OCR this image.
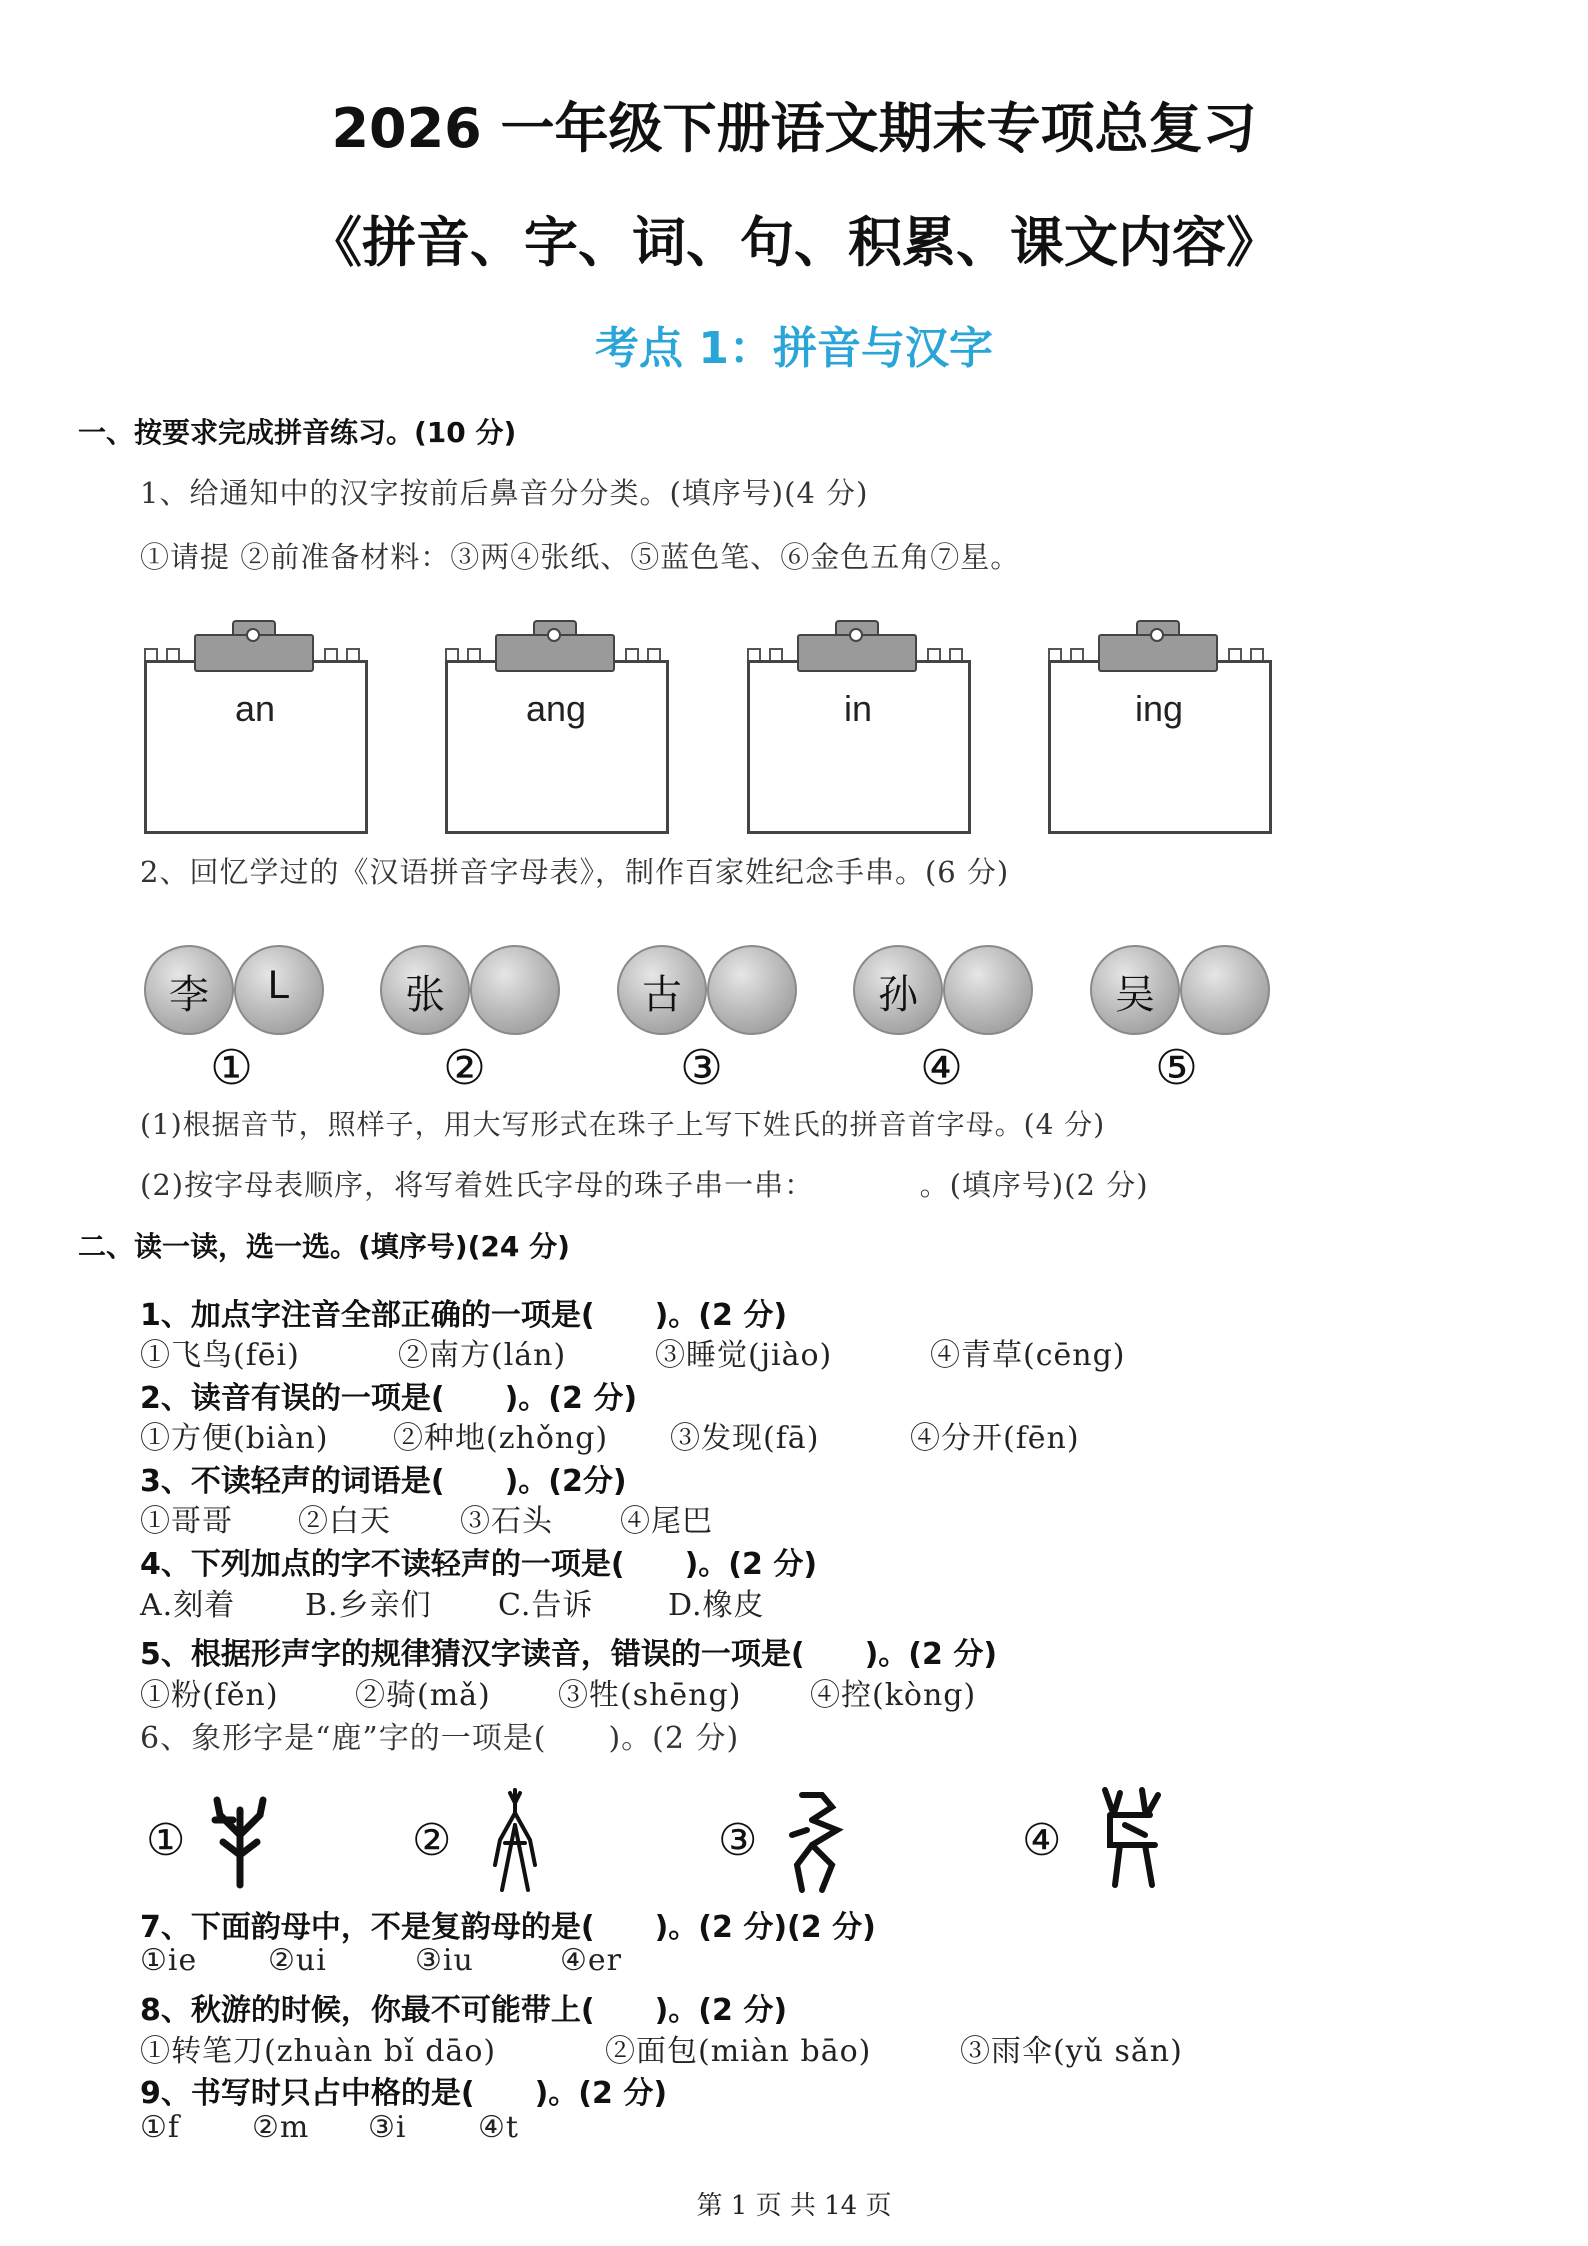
2026 一年级下册语文期末专项总复习
《拼音、字、词、句、积累、课文内容》
考点 1：拼音与汉字
一、按要求完成拼音练习。(10 分)
1、给通知中的汉字按前后鼻音分分类。(填序号)(4 分)
①请提 ②前准备材料：③两④张纸、⑤蓝色笔、⑥金色五角⑦星。
an	ang	in	ing
2、回忆学过的《汉语拼音字母表》，制作百家姓纪念手串。(6 分)
李	L	张	古	孙	吴
①	②	③	④	⑤
(1)根据音节，照样子，用大写形式在珠子上写下姓氏的拼音首字母。(4 分)
(2)按字母表顺序，将写着姓氏字母的珠子串一串：　　　　。(填序号)(2 分)
二、读一读，选一选。(填序号)(24 分)
1、加点字注音全部正确的一项是(　　)。(2 分)
①飞鸟(fēi)	②南方(lán)	③睡觉(jiào)	④青草(cēng)
2、读音有误的一项是(　　)。(2 分)
①方便(biàn) ②种地(zhǒng) ③发现(fā)	④分开(fēn)
3、不读轻声的词语是(　　)。(2分)
①哥哥 ②白天 ③石头 ④尾巴
4、下列加点的字不读轻声的一项是(　　)。(2 分)
A.刻着 B.乡亲们 C.告诉 D.橡皮
5、根据形声字的规律猜汉字读音，错误的一项是(　　)。(2 分)
①粉(fěn)	②骑(mǎ) ③牲(shēng) ④控(kòng)
6、象形字是“鹿”字的一项是(　　)。(2 分)
①	②	③	④
7、下面韵母中，不是复韵母的是(　　)。(2 分)(2 分)
①ie ②ui	③iu	④er
8、秋游的时候，你最不可能带上(　　)。(2 分)
①转笔刀(zhuàn bǐ dāo)	②面包(miàn bāo)	③雨伞(yǔ sǎn)
9、书写时只占中格的是(　　)。(2 分)
①f ②m ③i ④t
第 1 页 共 14 页
